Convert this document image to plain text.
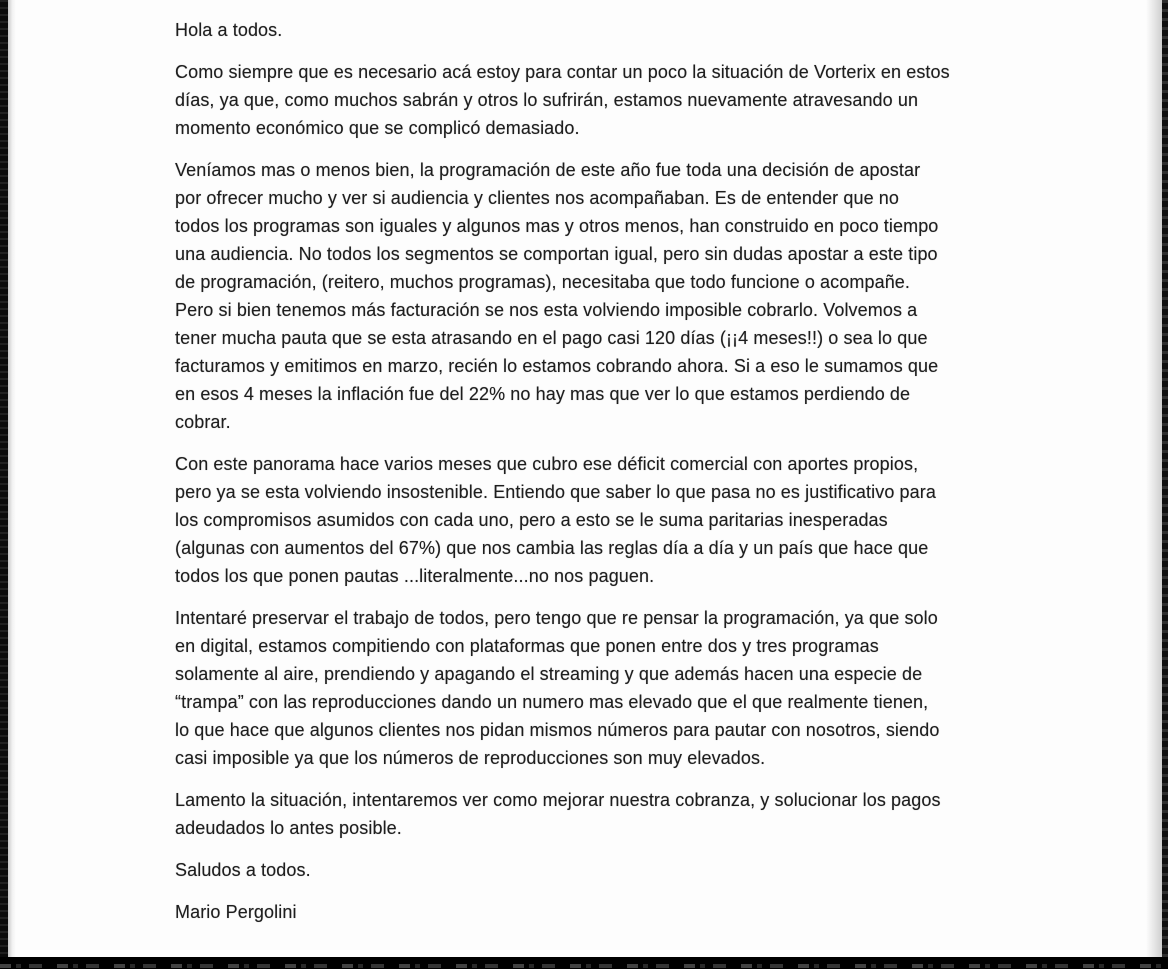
Hola a todos.

Como siempre que es necesario acá estoy para contar un poco la situación de Vorterix en estos
días, ya que, como muchos sabrán y otros lo sufrirán, estamos nuevamente atravesando un
momento económico que se complicó demasiado.

Veníamos mas o menos bien, la programación de este año fue toda una decisión de apostar
por ofrecer mucho y ver si audiencia y clientes nos acompañaban. Es de entender que no
todos los programas son iguales y algunos mas y otros menos, han construido en poco tiempo
una audiencia. No todos los segmentos se comportan igual, pero sin dudas apostar a este tipo
de programación, (reitero, muchos programas), necesitaba que todo funcione o acompañe.
Pero si bien tenemos más facturación se nos esta volviendo imposible cobrarlo. Volvemos a
tener mucha pauta que se esta atrasando en el pago casi 120 días (¡¡4 meses!!) o sea lo que
facturamos y emitimos en marzo, recién lo estamos cobrando ahora. Si a eso le sumamos que
en esos 4 meses la inflación fue del 22% no hay mas que ver lo que estamos perdiendo de
cobrar.

Con este panorama hace varios meses que cubro ese déficit comercial con aportes propios,
pero ya se esta volviendo insostenible. Entiendo que saber lo que pasa no es justificativo para
los compromisos asumidos con cada uno, pero a esto se le suma paritarias inesperadas
(algunas con aumentos del 67%) que nos cambia las reglas día a día y un país que hace que
todos los que ponen pautas ...literalmente...no nos paguen.

Intentaré preservar el trabajo de todos, pero tengo que re pensar la programación, ya que solo
en digital, estamos compitiendo con plataformas que ponen entre dos y tres programas
solamente al aire, prendiendo y apagando el streaming y que además hacen una especie de
“trampa” con las reproducciones dando un numero mas elevado que el que realmente tienen,
lo que hace que algunos clientes nos pidan mismos números para pautar con nosotros, siendo
casi imposible ya que los números de reproducciones son muy elevados.

Lamento la situación, intentaremos ver como mejorar nuestra cobranza, y solucionar los pagos
adeudados lo antes posible.

Saludos a todos.

Mario Pergolini
